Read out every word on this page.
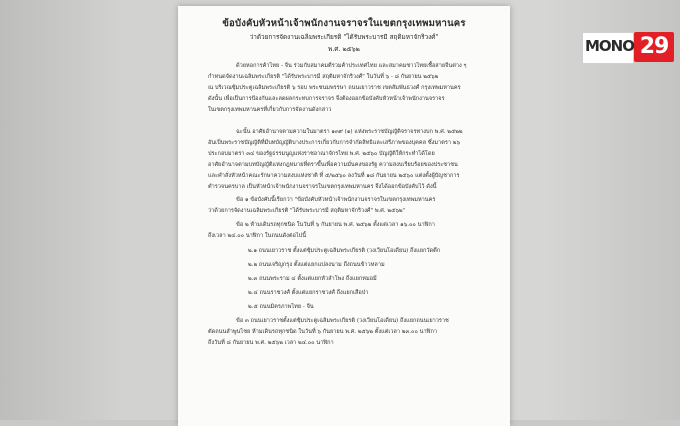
ข้อบังคับหัวหน้าเจ้าพนักงานจราจรในเขตกรุงเทพมหานคร
ว่าด้วยการจัดงานเฉลิมพระเกียรติ "ได้รับพระบารมี สฤติมหาจักริวงศ์"
พ.ศ. ๒๕๖๒
ด้วยหอการค้าไทย - จีน ร่วมกับสมาคมตีรวมค้าประเทศไทย และสมาคมชาวไทยเชื้อสายจีนต่าง ๆ
กำหนดจัดงานเฉลิมพระเกียรติ "ได้รับพระบารมี สฤติมหาจักริวงศ์" ในวันที่ ๖ - ๘ กันยายน ๒๕๖๒
ณ บริเวณซุ้มประตูเฉลิมพระเกียรติ ๖ รอบ พระชนมพรรษา ถนนเยาวราช เขตสัมพันธวงศ์ กรุงเทพมหานคร
ดังนั้น เพื่อเป็นการป้องกันและลดผลกระทบการจราจร จึงต้องออกข้อบังคับหัวหน้าเจ้าพนักงานจราจร
ในเขตกรุงเทพมหานครที่เกี่ยวกับการจัดงานดังกล่าว
ฉะนั้น อาศัยอำนาจตามความในมาตรา ๑๓๙ (๑) แห่งพระราชบัญญัติจราจรทางบก พ.ศ. ๒๕๒๒
อันเป็นพระราชบัญญัติที่มีบทบัญญัติบางประการเกี่ยวกับการจำกัดสิทธิและเสรีภาพของบุคคล ซึ่งมาตรา ๒๖
ประกอบมาตรา ๓๔ ของรัฐธรรมนูญแห่งราชอาณาจักรไทย พ.ศ. ๒๕๖๐ บัญญัติให้กระทำได้โดย
อาศัยอำนาจตามบทบัญญัติแห่งกฎหมายที่ตราขึ้นเพื่อความมั่นคงของรัฐ ความสงบเรียบร้อยของประชาชน
และคำสั่งหัวหน้าคณะรักษาความสงบแห่งชาติ ที่ ๕/๒๕๖๐ ลงวันที่ ๑๘ กันยายน ๒๕๖๐ แต่งตั้งผู้บัญชาการ
ตำรวจนครบาล เป็นหัวหน้าเจ้าพนักงานจราจรในเขตกรุงเทพมหานคร จึงได้ออกข้อบังคับไว้ ดังนี้
ข้อ ๑ ข้อบังคับนี้เรียกว่า "ข้อบังคับหัวหน้าเจ้าพนักงานจราจรในเขตกรุงเทพมหานคร
ว่าด้วยการจัดงานเฉลิมพระเกียรติ "ได้รับพระบารมี สฤติมหาจักริวงศ์" พ.ศ. ๒๕๖๒"
ข้อ ๒ ห้ามเดินรถทุกชนิด ในวันที่ ๖ กันยายน พ.ศ. ๒๕๖๒ ตั้งแต่เวลา ๑๖.๐๐ นาฬิกา
ถึงเวลา ๒๔.๐๐ นาฬิกา ในถนนดังต่อไปนี้
๒.๑ ถนนเยาวราช ตั้งแต่ซุ้มประตูเฉลิมพระเกียรติ (วงเวียนโอเดียน) ถึงแยกวัดตึก
๒.๒ ถนนเจริญกรุง ตั้งแต่แยกแปลงนาม ถึงถนนข้าวหลาม
๒.๓ ถนนพระราม ๔ ตั้งแต่แยกหัวลำโพง ถึงแยกหมอมี
๒.๔ ถนนราชวงศ์ ตั้งแต่แยกราชวงศ์ ถึงแยกเสือป่า
๒.๕ ถนนมิตรภาพไทย - จีน
ข้อ ๓ ถนนเยาวราชตั้งแต่ซุ้มประตูเฉลิมพระเกียรติ (วงเวียนโอเดียน) ถึงแยกถนนเยาวราช
ตัดถนนลำพูนไชย ห้ามเดินรถทุกชนิด ในวันที่ ๖ กันยายน พ.ศ. ๒๕๖๒ ตั้งแต่เวลา ๒๓.๐๐ นาฬิกา
ถึงวันที่ ๘ กันยายน พ.ศ. ๒๕๖๒ เวลา ๒๔.๐๐ นาฬิกา
MONO 29
